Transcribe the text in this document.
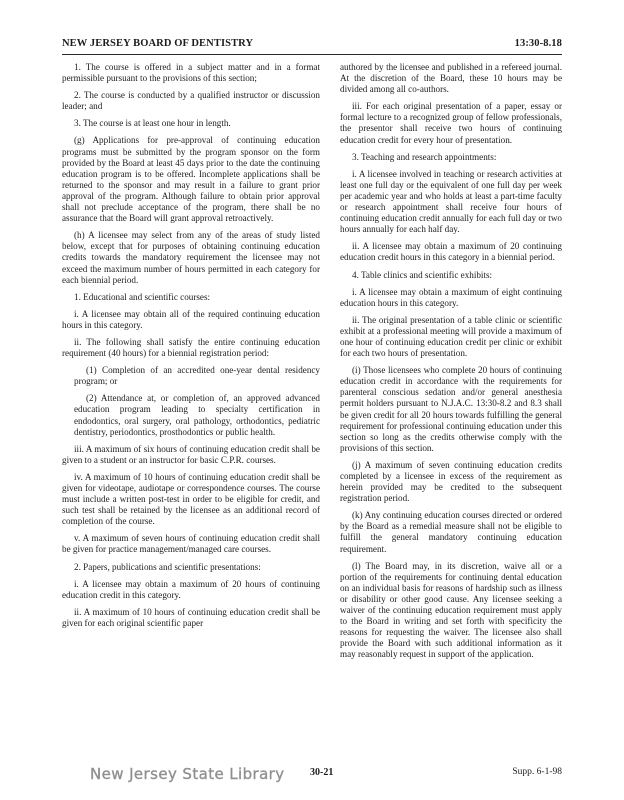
NEW JERSEY BOARD OF DENTISTRY	13:30-8.18

1. The course is offered in a subject matter and in a format permissible pursuant to the provisions of this section;

2. The course is conducted by a qualified instructor or discussion leader; and

3. The course is at least one hour in length.

(g) Applications for pre-approval of continuing education programs must be submitted by the program sponsor on the form provided by the Board at least 45 days prior to the date the continuing education program is to be offered. Incomplete applications shall be returned to the sponsor and may result in a failure to grant prior approval of the program. Although failure to obtain prior approval shall not preclude acceptance of the program, there shall be no assurance that the Board will grant approval retroactively.

(h) A licensee may select from any of the areas of study listed below, except that for purposes of obtaining continuing education credits towards the mandatory requirement the licensee may not exceed the maximum number of hours permitted in each category for each biennial period.

1. Educational and scientific courses:

i. A licensee may obtain all of the required continuing education hours in this category.

ii. The following shall satisfy the entire continuing education requirement (40 hours) for a biennial registration period:

(1) Completion of an accredited one-year dental residency program; or

(2) Attendance at, or completion of, an approved advanced education program leading to specialty certification in endodontics, oral surgery, oral pathology, orthodontics, pediatric dentistry, periodontics, prosthodontics or public health.

iii. A maximum of six hours of continuing education credit shall be given to a student or an instructor for basic C.P.R. courses.

iv. A maximum of 10 hours of continuing education credit shall be given for videotape, audiotape or correspondence courses. The course must include a written post-test in order to be eligible for credit, and such test shall be retained by the licensee as an additional record of completion of the course.

v. A maximum of seven hours of continuing education credit shall be given for practice management/managed care courses.

2. Papers, publications and scientific presentations:

i. A licensee may obtain a maximum of 20 hours of continuing education credit in this category.

ii. A maximum of 10 hours of continuing education credit shall be given for each original scientific paper

authored by the licensee and published in a refereed journal. At the discretion of the Board, these 10 hours may be divided among all co-authors.

iii. For each original presentation of a paper, essay or formal lecture to a recognized group of fellow professionals, the presentor shall receive two hours of continuing education credit for every hour of presentation.

3. Teaching and research appointments:

i. A licensee involved in teaching or research activities at least one full day or the equivalent of one full day per week per academic year and who holds at least a part-time faculty or research appointment shall receive four hours of continuing education credit annually for each full day or two hours annually for each half day.

ii. A licensee may obtain a maximum of 20 continuing education credit hours in this category in a biennial period.

4. Table clinics and scientific exhibits:

i. A licensee may obtain a maximum of eight continuing education hours in this category.

ii. The original presentation of a table clinic or scientific exhibit at a professional meeting will provide a maximum of one hour of continuing education credit per clinic or exhibit for each two hours of presentation.

(i) Those licensees who complete 20 hours of continuing education credit in accordance with the requirements for parenteral conscious sedation and/or general anesthesia permit holders pursuant to N.J.A.C. 13:30-8.2 and 8.3 shall be given credit for all 20 hours towards fulfilling the general requirement for professional continuing education under this section so long as the credits otherwise comply with the provisions of this section.

(j) A maximum of seven continuing education credits completed by a licensee in excess of the requirement as herein provided may be credited to the subsequent registration period.

(k) Any continuing education courses directed or ordered by the Board as a remedial measure shall not be eligible to fulfill the general mandatory continuing education requirement.

(l) The Board may, in its discretion, waive all or a portion of the requirements for continuing dental education on an individual basis for reasons of hardship such as illness or disability or other good cause. Any licensee seeking a waiver of the continuing education requirement must apply to the Board in writing and set forth with specificity the reasons for requesting the waiver. The licensee also shall provide the Board with such additional information as it may reasonably request in support of the application.

New Jersey State Library	30-21	Supp. 6-1-98
